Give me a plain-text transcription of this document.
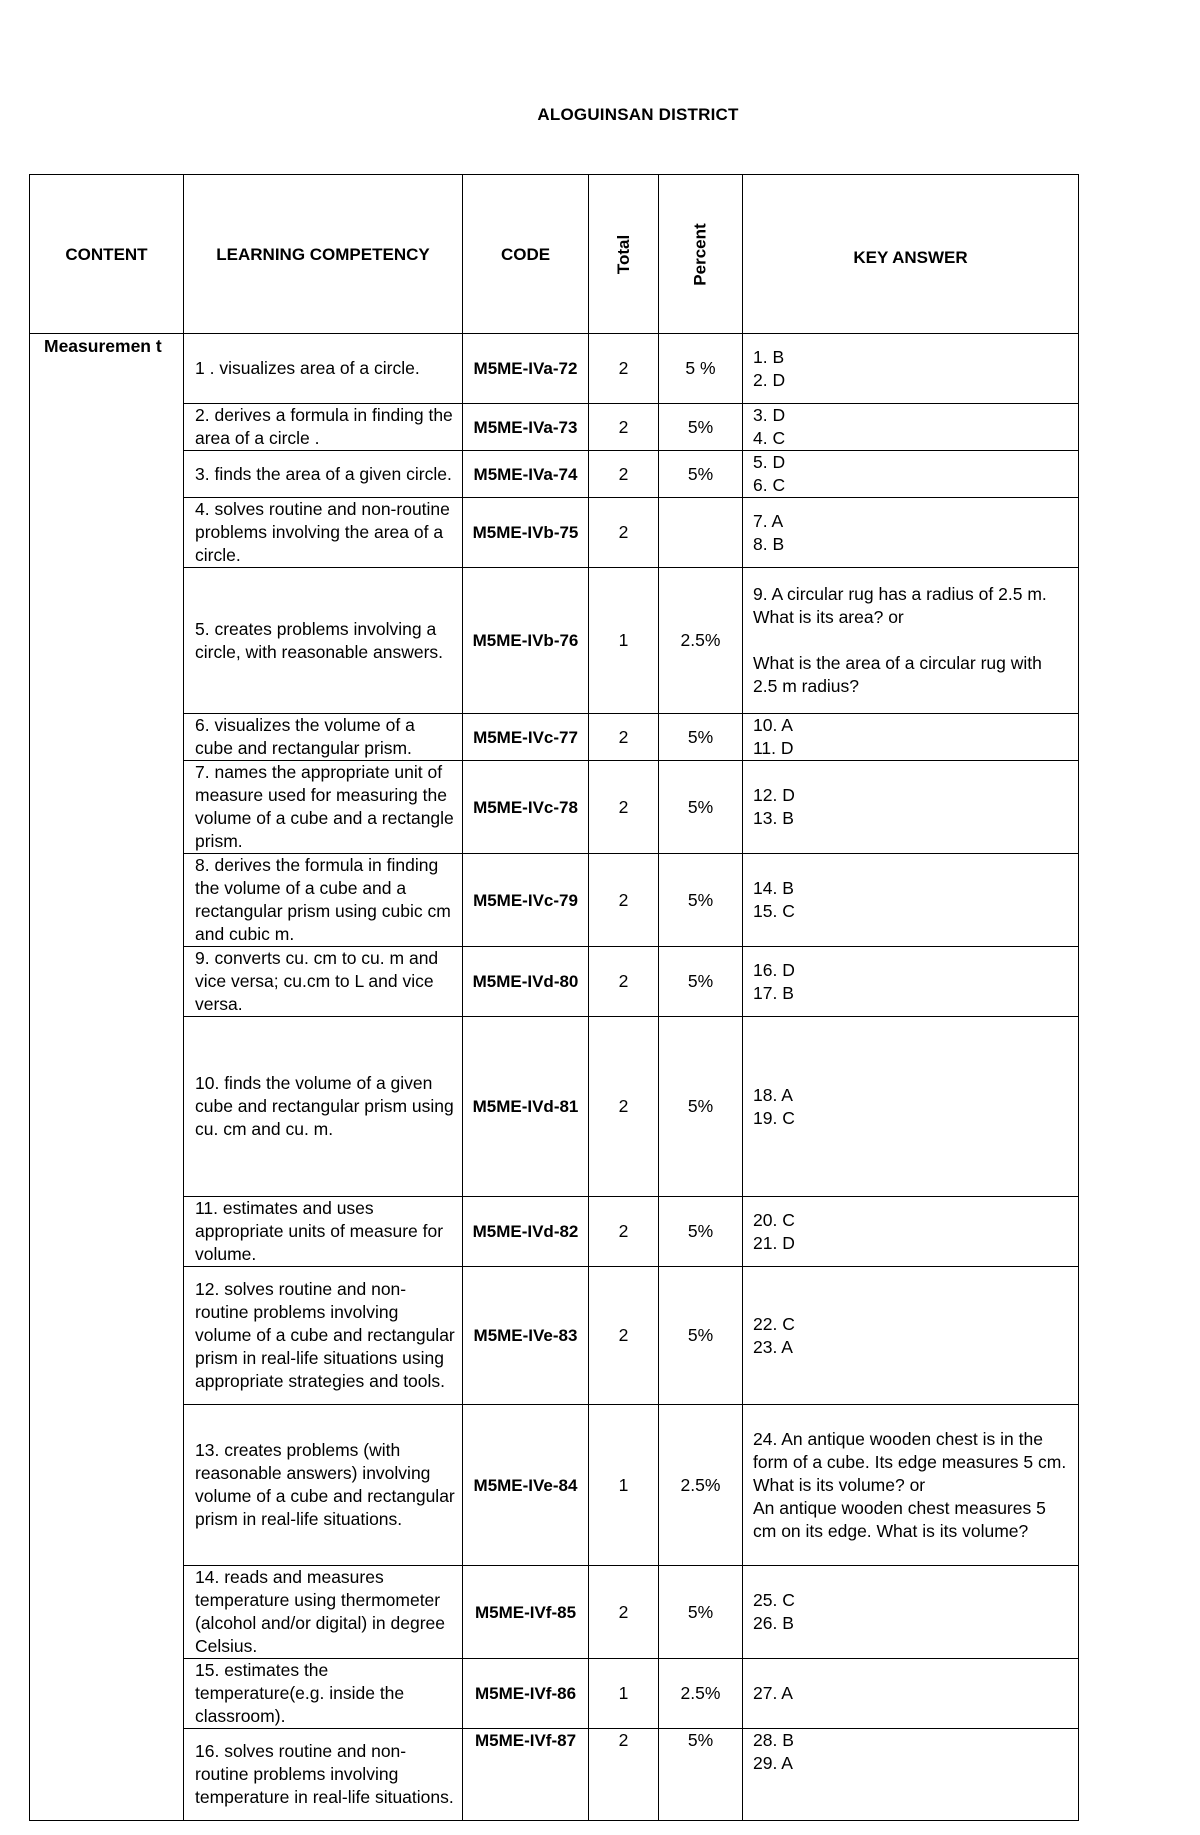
ALOGUINSAN DISTRICT
CONTENT	LEARNING COMPETENCY	CODE	Total	Percent	KEY ANSWER

Measuremen t	1 . visualizes area of a circle.	M5ME-IVa-72	2	5 %	1. B
2. D

	2. derives a formula in finding the area of a circle .	M5ME-IVa-73	2	5%	3. D
4. C

	3. finds the area of a given circle.	M5ME-IVa-74	2	5%	5. D
6. C

	4. solves routine and non-routine problems involving the area of a circle.	M5ME-IVb-75	2		7. A
8. B

	5. creates problems involving a circle, with reasonable answers.	M5ME-IVb-76	1	2.5%	9. A circular rug has a radius of 2.5 m. What is its area? or
What is the area of a circular rug with 2.5 m radius?

	6. visualizes the volume of a cube and rectangular prism.	M5ME-IVc-77	2	5%	10. A
11. D

	7. names the appropriate unit of measure used for measuring the volume of a cube and a rectangle prism.	M5ME-IVc-78	2	5%	12. D
13. B

	8. derives the formula in finding the volume of a cube and a rectangular prism using cubic cm and cubic m.	M5ME-IVc-79	2	5%	14. B
15. C

	9. converts cu. cm to cu. m and vice versa; cu.cm to L and vice versa.	M5ME-IVd-80	2	5%	16. D
17. B

	10. finds the volume of a given cube and rectangular prism using cu. cm and cu. m.	M5ME-IVd-81	2	5%	18. A
19. C

	11. estimates and uses appropriate units of measure for volume.	M5ME-IVd-82	2	5%	20. C
21. D

	12. solves routine and non-routine problems involving volume of a cube and rectangular prism in real-life situations using appropriate strategies and tools.	M5ME-IVe-83	2	5%	22. C
23. A

	13. creates problems (with reasonable answers) involving volume of a cube and rectangular prism in real-life situations.	M5ME-IVe-84	1	2.5%	24. An antique wooden chest is in the form of a cube. Its edge measures 5 cm. What is its volume? or
An antique wooden chest measures 5 cm on its edge. What is its volume?

	14. reads and measures temperature using thermometer (alcohol and/or digital) in degree Celsius.	M5ME-IVf-85	2	5%	25. C
26. B

	15. estimates the temperature(e.g. inside the classroom).	M5ME-IVf-86	1	2.5%	27. A

	16. solves routine and non-routine problems involving temperature in real-life situations.	M5ME-IVf-87	2	5%	28. B
29. A
